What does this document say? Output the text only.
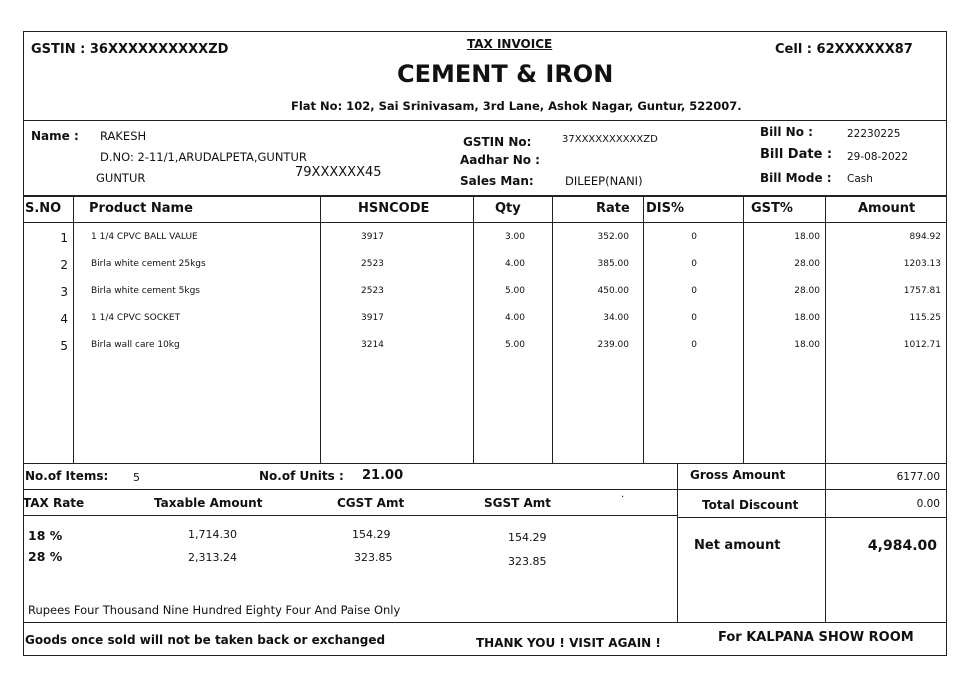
GSTIN : 36XXXXXXXXXXZD	TAX INVOICE	Cell : 62XXXXXX87
CEMENT & IRON
Flat No: 102, Sai Srinivasam, 3rd Lane, Ashok Nagar, Guntur, 522007.
Name : RAKESH
D.NO: 2-11/1,ARUDALPETA,GUNTUR
GUNTUR	79XXXXXX45
GSTIN No:	37XXXXXXXXXXZD
Aadhar No :
Sales Man:	DILEEP(NANI)
Bill No :	22230225
Bill Date : 29-08-2022
Bill Mode : Cash
S.NO Product Name	HSNCODE	Qty	Rate DIS%	GST%	Amount
1	1 1/4 CPVC BALL VALUE	3917	3.00	352.00	0	18.00	894.92
2	Birla white cement 25kgs	2523	4.00	385.00	0	28.00	1203.13
3	Birla white cement 5kgs	2523	5.00	450.00	0	28.00	1757.81
4	1 1/4 CPVC SOCKET	3917	4.00	34.00	0	18.00	115.25
5	Birla wall care 10kg	3214	5.00	239.00	0	18.00	1012.71
No.of Items: 5	No.of Units : 21.00	Gross Amount	6177.00
TAX Rate	Taxable Amount	CGST Amt	SGST Amt	·
Total Discount	0.00
18 %	1,714.30	154.29	154.29
28 %	2,313.24	323.85	323.85
Net amount	4,984.00
Rupees Four Thousand Nine Hundred Eighty Four And Paise Only
Goods once sold will not be taken back or exchanged	THANK YOU ! VISIT AGAIN !	For KALPANA SHOW ROOM
